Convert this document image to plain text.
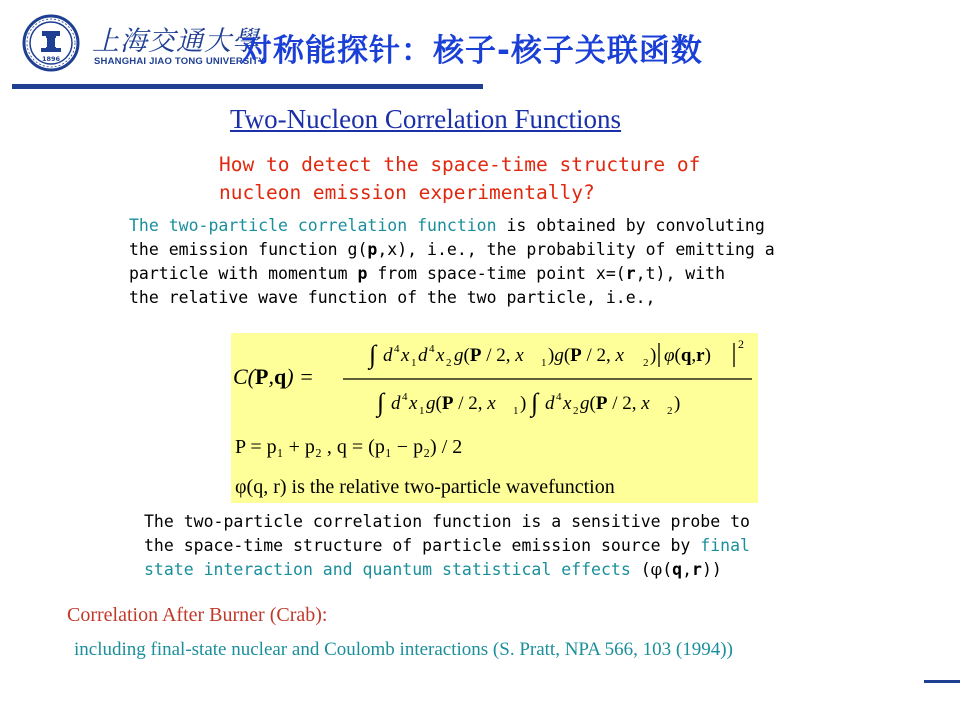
1896
上海交通大學
SHANGHAI JIAO TONG UNIVERSITY
对称能探针：核子-核子关联函数
Two-Nucleon Correlation Functions
How to detect the space-time structure of
nucleon emission experimentally?
The two-particle correlation function is obtained by convoluting
the emission function g(p,x), i.e., the probability of emitting a
particle with momentum p from space-time point x=(r,t), with
the relative wave function of the two particle, i.e.,
C(P,q) =
∫ d 4 x 1 d 4 x 2 g(P / 2, x 1 )g(P / 2, x 2 ) φ(q,r)
2
∫ d 4 x 1 g(P / 2, x 1 ) ∫ d 4 x 2 g(P / 2, x 2 )
P = p₁ + p₂ , q = (p₁ − p₂) / 2
φ(q, r) is the relative two-particle wavefunction
The two-particle correlation function is a sensitive probe to
the space-time structure of particle emission source by final
state interaction and quantum statistical effects (φ(q,r))
Correlation After Burner (Crab):
including final-state nuclear and Coulomb interactions (S. Pratt, NPA 566, 103 (1994))
